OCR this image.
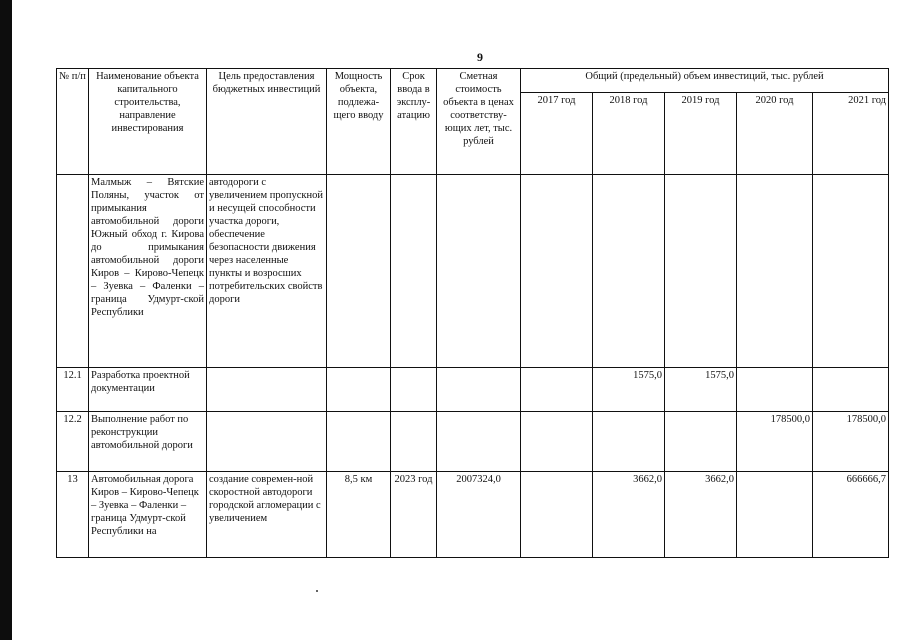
9
№ п/п	Наименование объекта капитального строительства, направление инвестирования	Цель предоставления бюджетных инвестиций	Мощность объекта, подлежа-щего вводу	Срок ввода в эксплу-атацию	Сметная стоимость объекта в ценах соответству-ющих лет, тыс. рублей	Общий (предельный) объем инвестиций, тыс. рублей				
						2017 год	2018 год	2019 год	2020 год	2021 год
	Малмыж – Вятские Поляны, участок от примыкания автомобильной дороги Южный обход г. Кирова до примыкания автомобильной дороги Киров – Кирово-Чепецк – Зуевка – Фаленки – граница Удмурт-ской Республики	автодороги с увеличением пропускной и несущей способности участка дороги, обеспечение безопасности движения через населенные пункты и возросших потребительских свойств дороги								
12.1	Разработка проектной документации						1575,0	1575,0		
12.2	Выполнение работ по реконструкции автомобильной дороги								178500,0	178500,0
13	Автомобильная дорога Киров – Кирово-Чепецк – Зуевка – Фаленки – граница Удмурт-ской Республики на	создание современ-ной скоростной автодороги городской агломерации с увеличением	8,5 км	2023 год	2007324,0		3662,0	3662,0		666666,7
